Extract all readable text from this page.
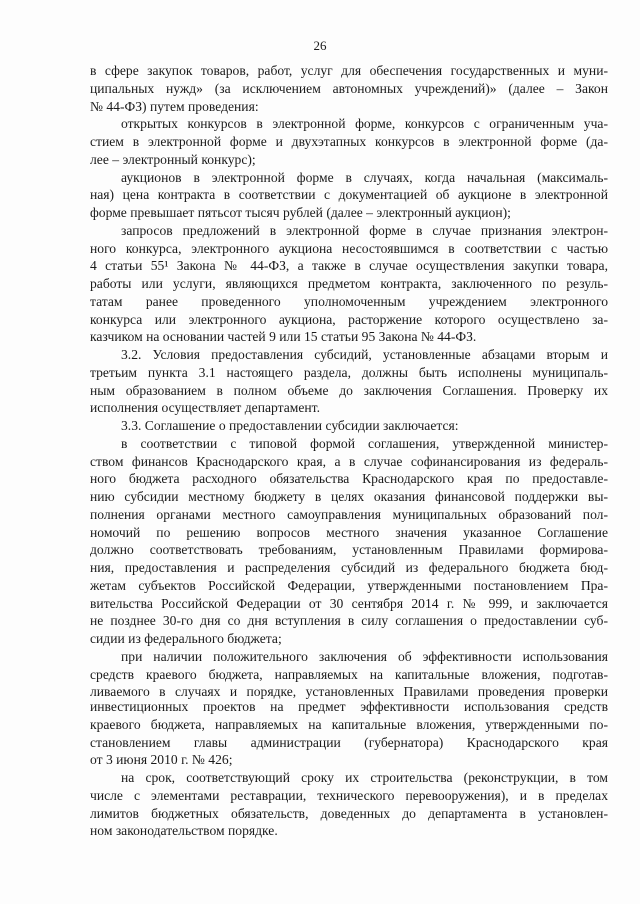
26
в сфере закупок товаров, работ, услуг для обеспечения государственных и муни-
ципальных нужд» (за исключением автономных учреждений)» (далее – Закон
№ 44-ФЗ) путем проведения:
открытых конкурсов в электронной форме, конкурсов с ограниченным уча-
стием в электронной форме и двухэтапных конкурсов в электронной форме (да-
лее – электронный конкурс);
аукционов в электронной форме в случаях, когда начальная (максималь-
ная) цена контракта в соответствии с документацией об аукционе в электронной
форме превышает пятьсот тысяч рублей (далее – электронный аукцион);
запросов предложений в электронной форме в случае признания электрон-
ного конкурса, электронного аукциона несостоявшимся в соответствии с частью
4 статьи 55¹ Закона № 44-ФЗ, а также в случае осуществления закупки товара,
работы или услуги, являющихся предметом контракта, заключенного по резуль-
татам ранее проведенного уполномоченным учреждением электронного
конкурса или электронного аукциона, расторжение которого осуществлено за-
казчиком на основании частей 9 или 15 статьи 95 Закона № 44-ФЗ.
3.2. Условия предоставления субсидий, установленные абзацами вторым и
третьим пункта 3.1 настоящего раздела, должны быть исполнены муниципаль-
ным образованием в полном объеме до заключения Соглашения. Проверку их
исполнения осуществляет департамент.
3.3. Соглашение о предоставлении субсидии заключается:
в соответствии с типовой формой соглашения, утвержденной министер-
ством финансов Краснодарского края, а в случае софинансирования из федераль-
ного бюджета расходного обязательства Краснодарского края по предоставле-
нию субсидии местному бюджету в целях оказания финансовой поддержки вы-
полнения органами местного самоуправления муниципальных образований пол-
номочий по решению вопросов местного значения указанное Соглашение
должно соответствовать требованиям, установленным Правилами формирова-
ния, предоставления и распределения субсидий из федерального бюджета бюд-
жетам субъектов Российской Федерации, утвержденными постановлением Пра-
вительства Российской Федерации от 30 сентября 2014 г. № 999, и заключается
не позднее 30-го дня со дня вступления в силу соглашения о предоставлении суб-
сидии из федерального бюджета;
при наличии положительного заключения об эффективности использования
средств краевого бюджета, направляемых на капитальные вложения, подготав-
ливаемого в случаях и порядке, установленных Правилами проведения проверки
инвестиционных проектов на предмет эффективности использования средств
краевого бюджета, направляемых на капитальные вложения, утвержденными по-
становлением главы администрации (губернатора) Краснодарского края
от 3 июня 2010 г. № 426;
на срок, соответствующий сроку их строительства (реконструкции, в том
числе с элементами реставрации, технического перевооружения), и в пределах
лимитов бюджетных обязательств, доведенных до департамента в установлен-
ном законодательством порядке.
